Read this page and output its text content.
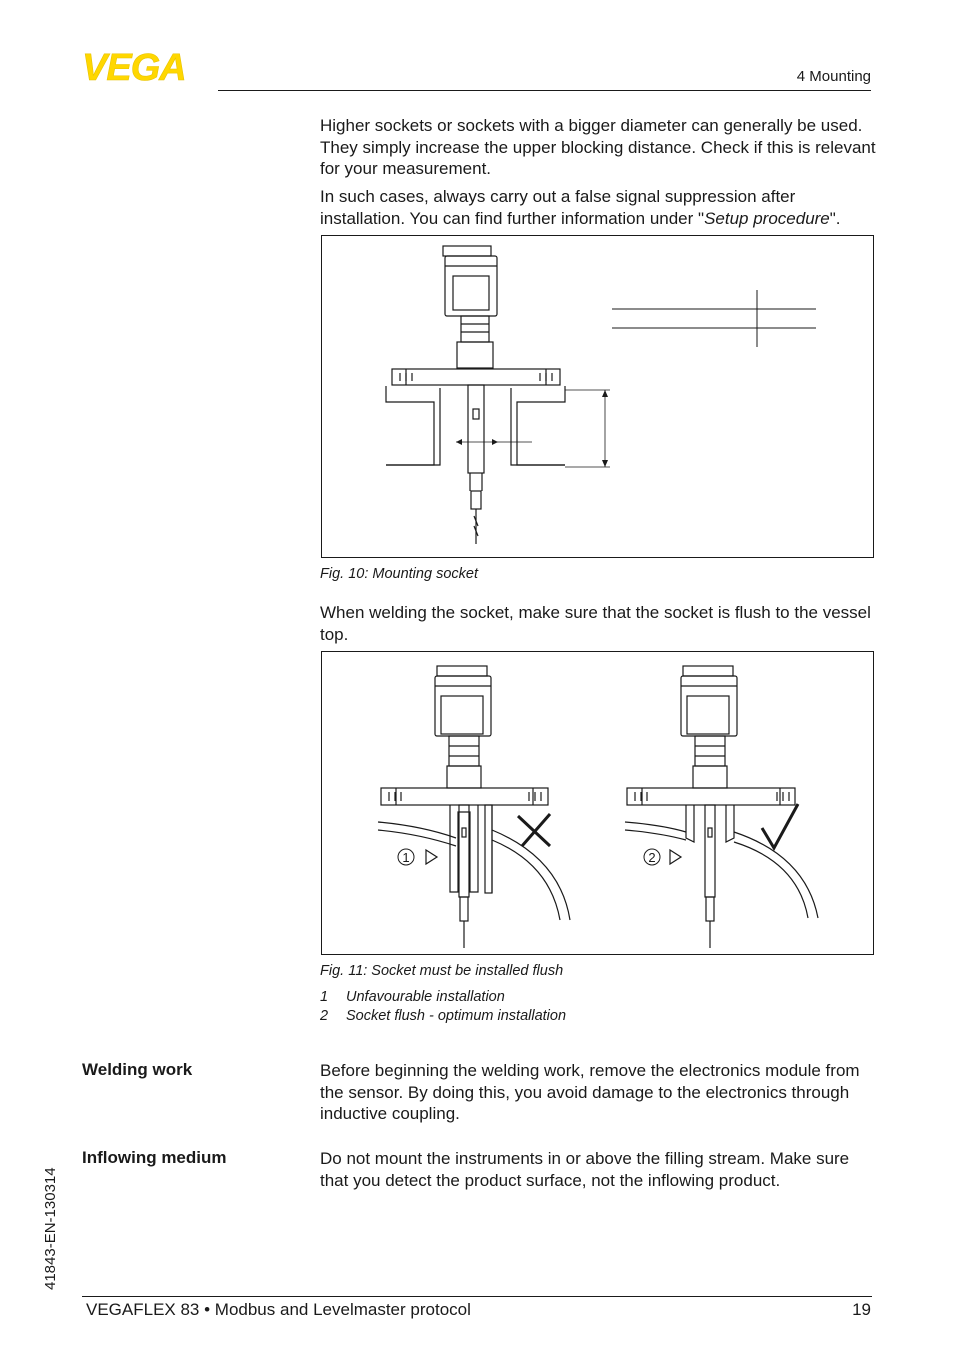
VEGA	4 Mounting

Higher sockets or sockets with a bigger diameter can generally be used. They simply increase the upper blocking distance. Check if this is relevant for your measurement.

In such cases, always carry out a false signal suppression after installation. You can find further information under "Setup procedure".

Fig. 10: Mounting socket

When welding the socket, make sure that the socket is flush to the vessel top.

1	2
Fig. 11: Socket must be installed flush
1 Unfavourable installation
2 Socket flush - optimum installation
Welding work	Before beginning the welding work, remove the electronics module from the sensor. By doing this, you avoid damage to the electronics through inductive coupling.

Inflowing medium	Do not mount the instruments in or above the filling stream. Make sure that you detect the product surface, not the inflowing product.

41843-EN-130314
VEGAFLEX 83 • Modbus and Levelmaster protocol	19
